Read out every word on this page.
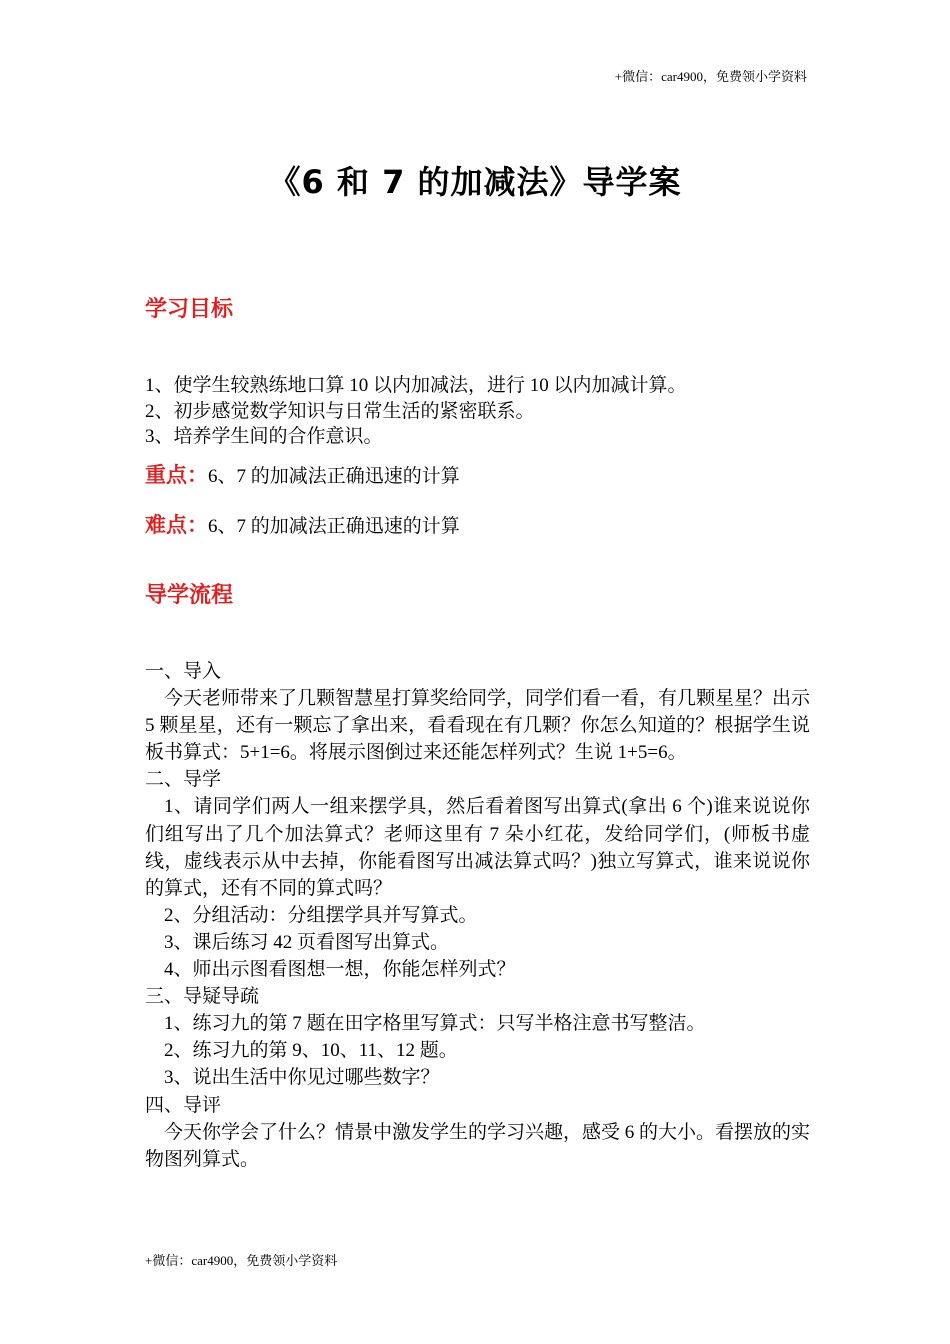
+微信：car4900，免费领小学资料
《6 和 7 的加减法》导学案
学习目标

1、使学生较熟练地口算 10 以内加减法，进行 10 以内加减计算。

2、初步感觉数学知识与日常生活的紧密联系。

3、培养学生间的合作意识。

重点：6、7 的加减法正确迅速的计算
难点：6、7 的加减法正确迅速的计算
导学流程

一、导入

今天老师带来了几颗智慧星打算奖给同学，同学们看一看，有几颗星星？出示 5 颗星星，还有一颗忘了拿出来，看看现在有几颗？你怎么知道的？根据学生说板书算式：5+1=6。将展示图倒过来还能怎样列式？生说 1+5=6。

二、导学

1、请同学们两人一组来摆学具，然后看着图写出算式(拿出 6 个)谁来说说你们组写出了几个加法算式？老师这里有 7 朵小红花，发给同学们，(师板书虚线，虚线表示从中去掉，你能看图写出减法算式吗？)独立写算式，谁来说说你的算式，还有不同的算式吗？

2、分组活动：分组摆学具并写算式。

3、课后练习 42 页看图写出算式。

4、师出示图看图想一想，你能怎样列式？

三、导疑导疏

1、练习九的第 7 题在田字格里写算式：只写半格注意书写整洁。

2、练习九的第 9、10、11、12 题。

3、说出生活中你见过哪些数字？

四、导评

今天你学会了什么？情景中激发学生的学习兴趣，感受 6 的大小。看摆放的实物图列算式。

+微信：car4900，免费领小学资料
